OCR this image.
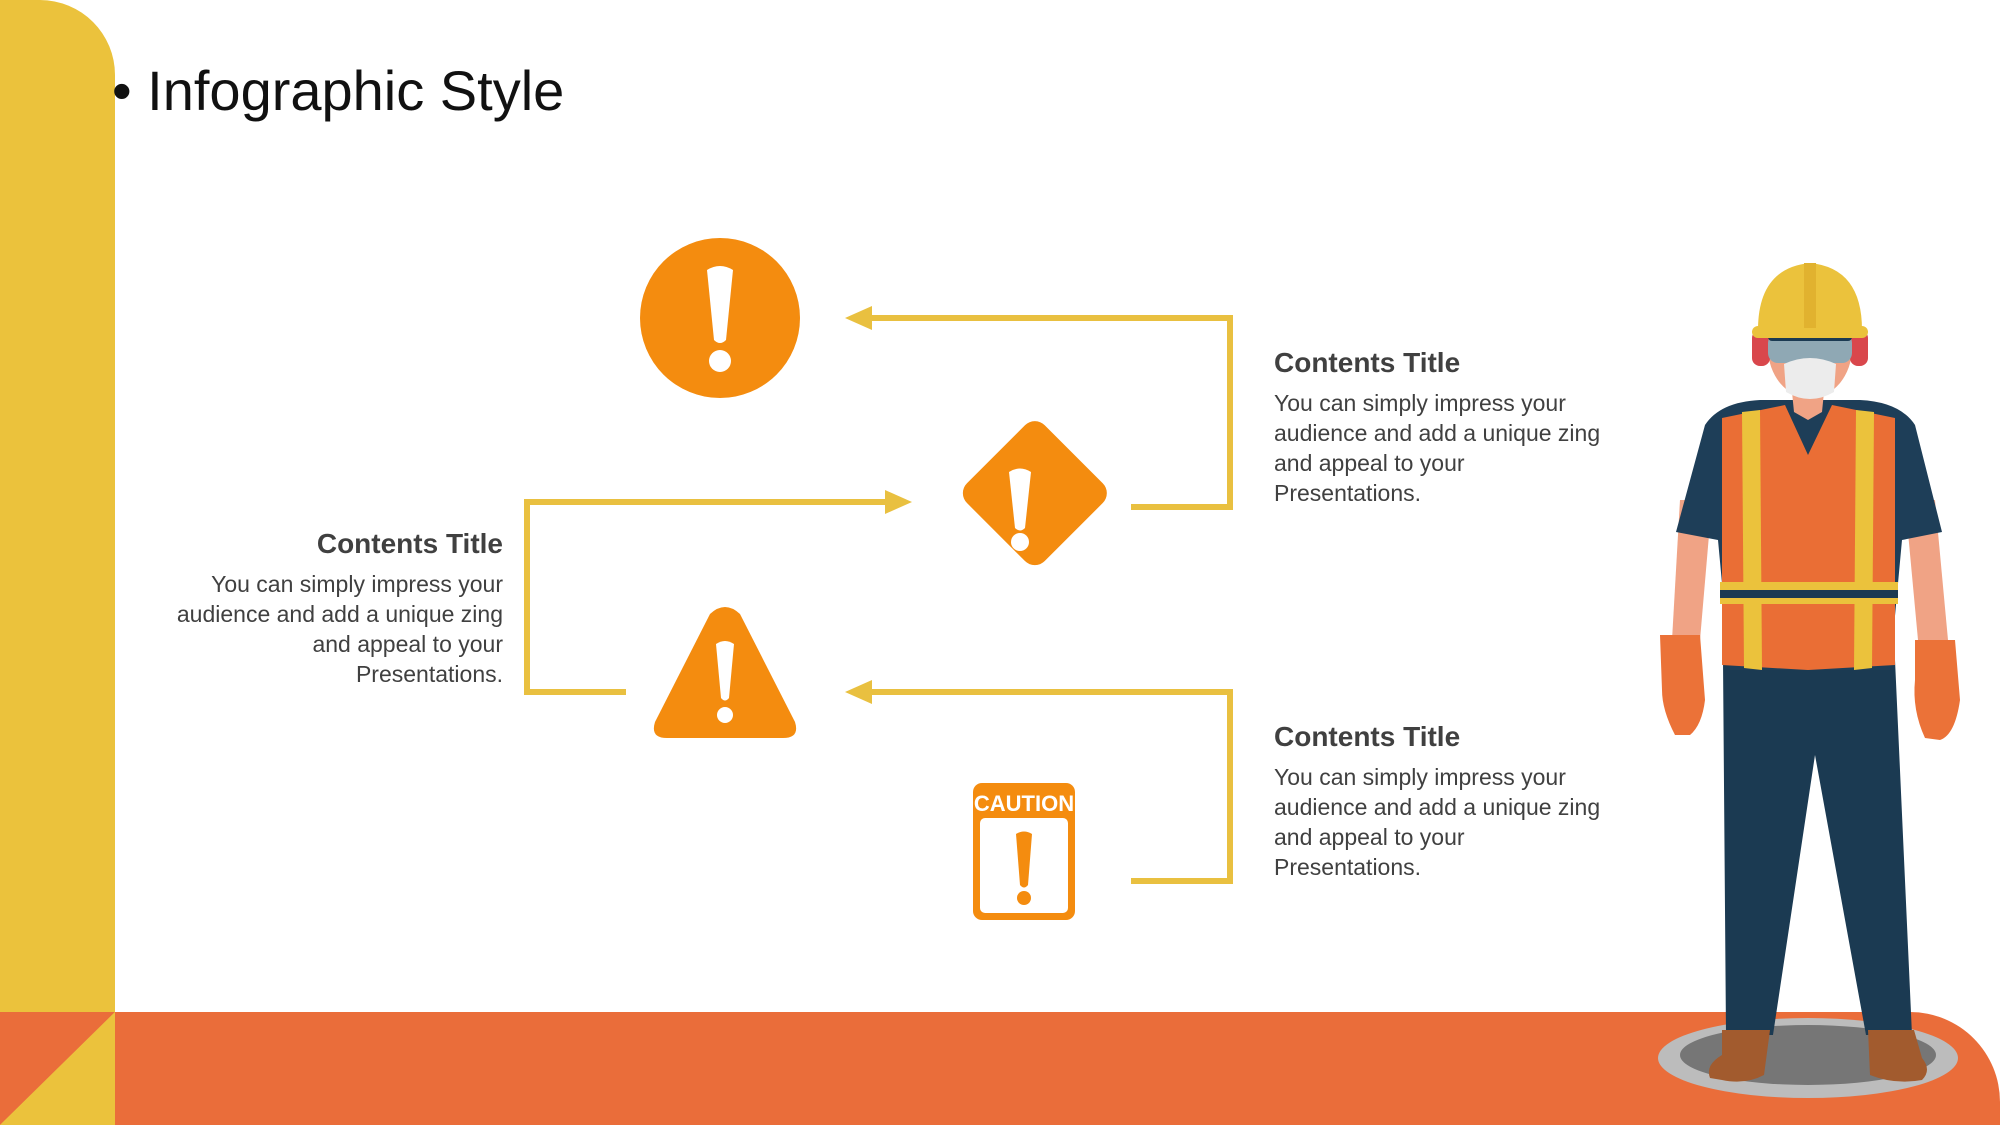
CAUTION
• Infographic Style
Contents Title
You can simply impress your audience and add a unique zing and appeal to your Presentations.
Contents Title
You can simply impress your audience and add a unique zing and appeal to your Presentations.
Contents Title
You can simply impress your audience and add a unique zing and appeal to your Presentations.
